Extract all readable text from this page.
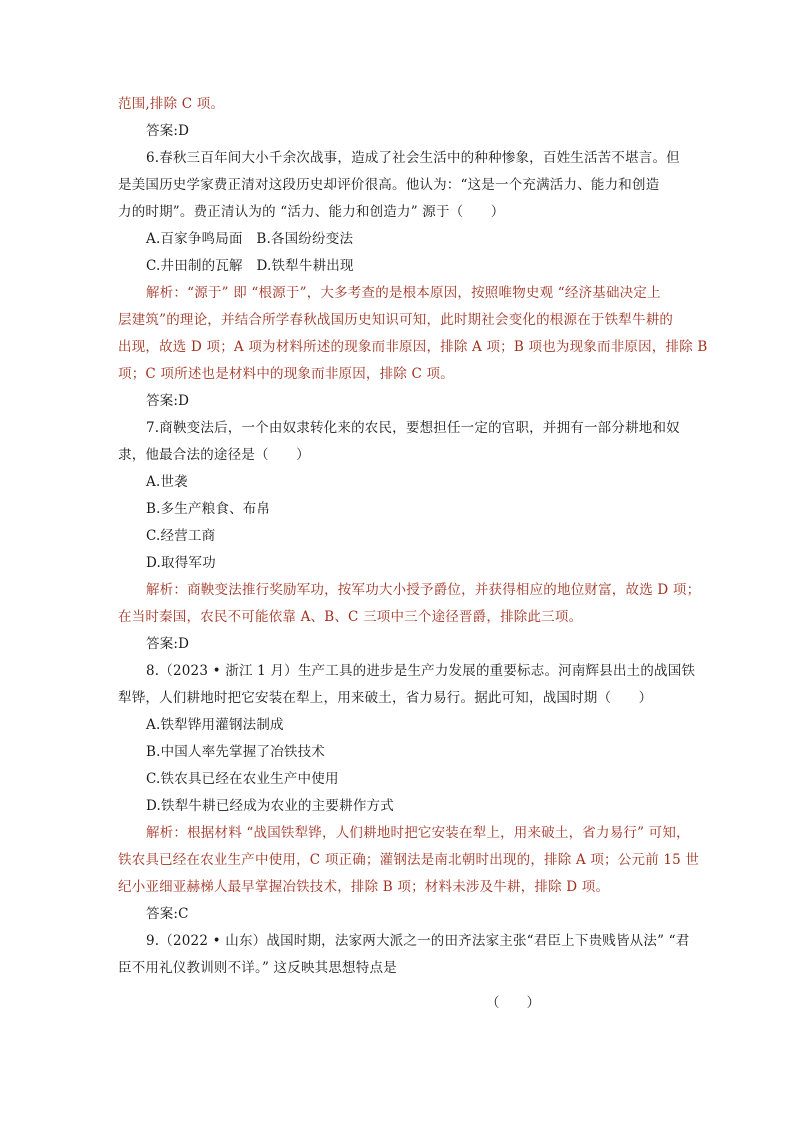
范围,排除 C 项。
答案:D
6.春秋三百年间大小千余次战事，造成了社会生活中的种种惨象，百姓生活苦不堪言。但
是美国历史学家费正清对这段历史却评价很高。他认为：“这是一个充满活力、能力和创造
力的时期”。费正清认为的 “活力、能力和创造力” 源于（　　）
A.百家争鸣局面　B.各国纷纷变法
C.井田制的瓦解　D.铁犁牛耕出现
解析：“源于” 即 “根源于”，大多考查的是根本原因，按照唯物史观 “经济基础决定上
层建筑”的理论，并结合所学春秋战国历史知识可知，此时期社会变化的根源在于铁犁牛耕的
出现，故选 D 项；A 项为材料所述的现象而非原因，排除 A 项；B 项也为现象而非原因，排除 B
项；C 项所述也是材料中的现象而非原因，排除 C 项。
答案:D
7.商鞅变法后，一个由奴隶转化来的农民，要想担任一定的官职，并拥有一部分耕地和奴
隶，他最合法的途径是（　　）
A.世袭
B.多生产粮食、布帛
C.经营工商
D.取得军功
解析：商鞅变法推行奖励军功，按军功大小授予爵位，并获得相应的地位财富，故选 D 项；
在当时秦国，农民不可能依靠 A、B、C 三项中三个途径晋爵，排除此三项。
答案:D
8.（2023 • 浙江 1 月）生产工具的进步是生产力发展的重要标志。河南辉县出土的战国铁
犁铧，人们耕地时把它安装在犁上，用来破土，省力易行。据此可知，战国时期（　　）
A.铁犁铧用灌钢法制成
B.中国人率先掌握了冶铁技术
C.铁农具已经在农业生产中使用
D.铁犁牛耕已经成为农业的主要耕作方式
解析：根据材料 “战国铁犁铧，人们耕地时把它安装在犁上，用来破土，省力易行” 可知，
铁农具已经在农业生产中使用，C 项正确；灌钢法是南北朝时出现的，排除 A 项；公元前 15 世
纪小亚细亚赫梯人最早掌握冶铁技术，排除 B 项；材料未涉及牛耕，排除 D 项。
答案:C
9.（2022 • 山东）战国时期，法家两大派之一的田齐法家主张“君臣上下贵贱皆从法” “君
臣不用礼仪教训则不详。” 这反映其思想特点是
（　　）
